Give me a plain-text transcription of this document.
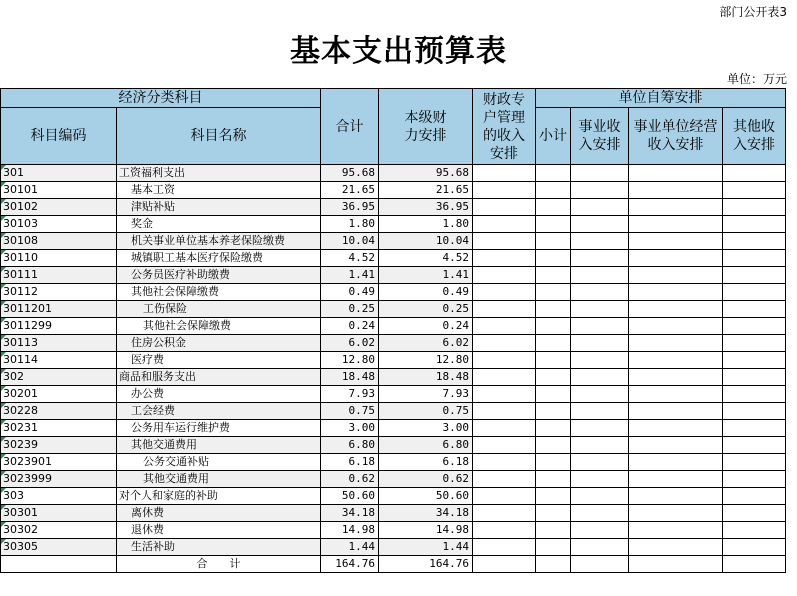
部门公开表3
基本支出预算表
单位：万元
经济分类科目		合计	本级财力安排	财政专户管理的收入安排	单位自筹安排			
科目编码	科目名称				小计	事业收入安排	事业单位经营收入安排	其他收入安排

301	工资福利支出	95.68	95.68					

30101	基本工资	21.65	21.65					

30102	津贴补贴	36.95	36.95					

30103	奖金	1.80	1.80					

30108	机关事业单位基本养老保险缴费	10.04	10.04					

30110	城镇职工基本医疗保险缴费	4.52	4.52					

30111	公务员医疗补助缴费	1.41	1.41					

30112	其他社会保障缴费	0.49	0.49					

3011201	工伤保险	0.25	0.25					

3011299	其他社会保障缴费	0.24	0.24					

30113	住房公积金	6.02	6.02					

30114	医疗费	12.80	12.80					

302	商品和服务支出	18.48	18.48					

30201	办公费	7.93	7.93					

30228	工会经费	0.75	0.75					

30231	公务用车运行维护费	3.00	3.00					

30239	其他交通费用	6.80	6.80					

3023901	公务交通补贴	6.18	6.18					

3023999	其他交通费用	0.62	0.62					

303	对个人和家庭的补助	50.60	50.60					

30301	离休费	34.18	34.18					

30302	退休费	14.98	14.98					

30305	生活补助	1.44	1.44					
	合　　计	164.76	164.76					
